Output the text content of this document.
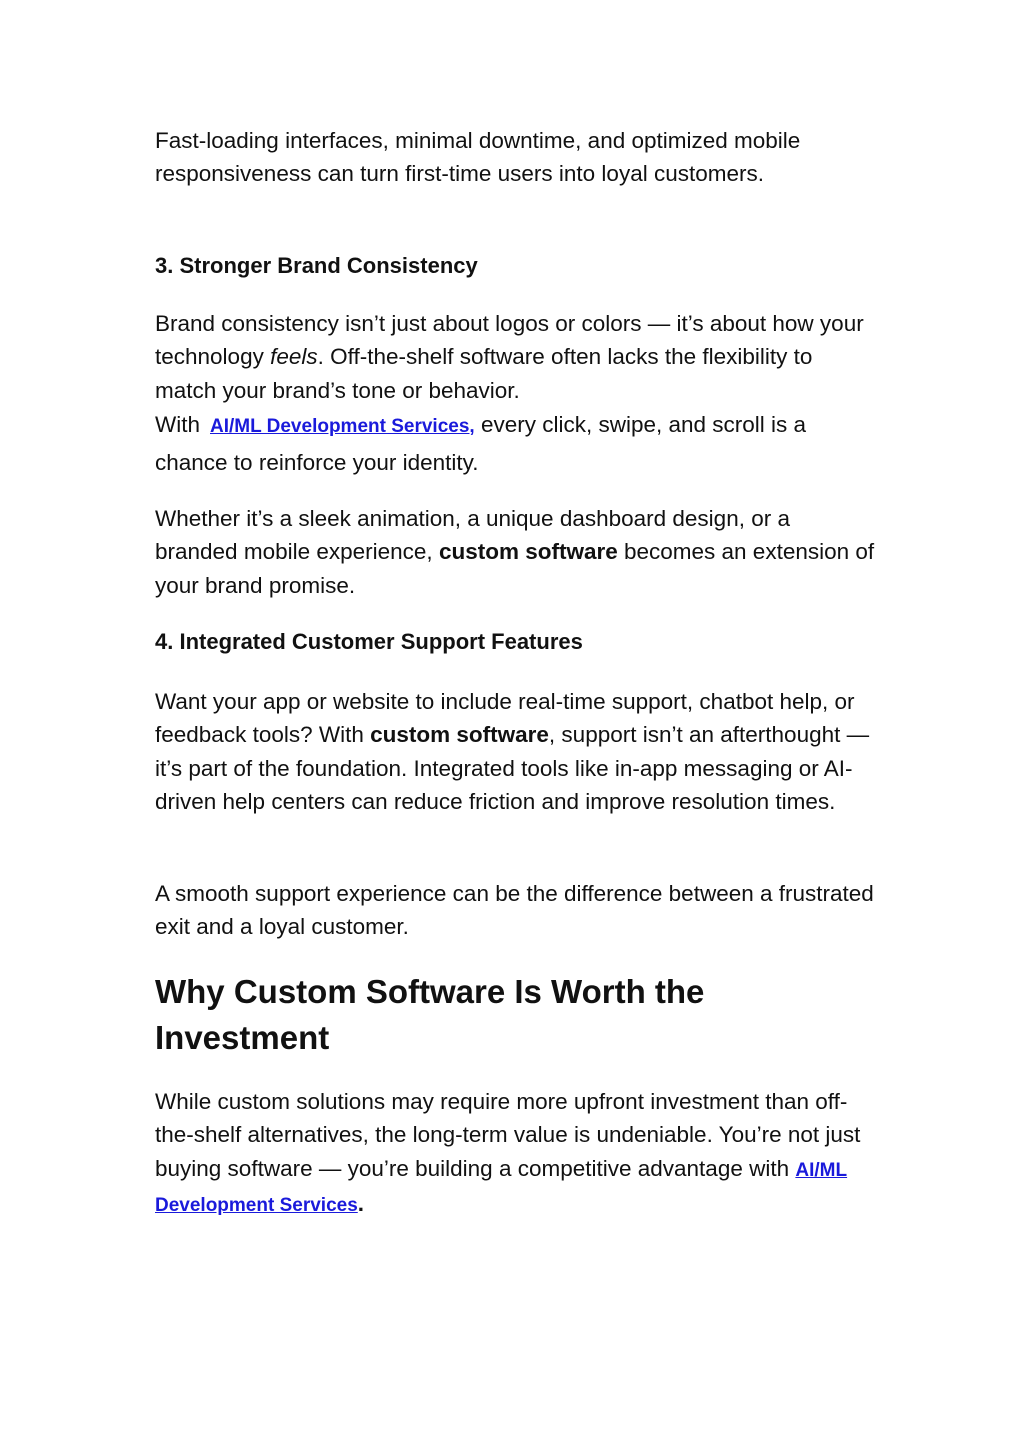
Fast-loading interfaces, minimal downtime, and optimized mobile responsiveness can turn first-time users into loyal customers.

3. Stronger Brand Consistency

Brand consistency isn’t just about logos or colors — it’s about how your technology feels. Off-the-shelf software often lacks the flexibility to match your brand’s tone or behavior.
With AI/ML Development Services, every click, swipe, and scroll is a chance to reinforce your identity.

Whether it’s a sleek animation, a unique dashboard design, or a branded mobile experience, custom software becomes an extension of your brand promise.

4. Integrated Customer Support Features

Want your app or website to include real-time support, chatbot help, or feedback tools? With custom software, support isn’t an afterthought — it’s part of the foundation. Integrated tools like in-app messaging or AI-driven help centers can reduce friction and improve resolution times.

A smooth support experience can be the difference between a frustrated exit and a loyal customer.

Why Custom Software Is Worth the Investment

While custom solutions may require more upfront investment than off-the-shelf alternatives, the long-term value is undeniable. You’re not just buying software — you’re building a competitive advantage with AI/ML Development Services.
